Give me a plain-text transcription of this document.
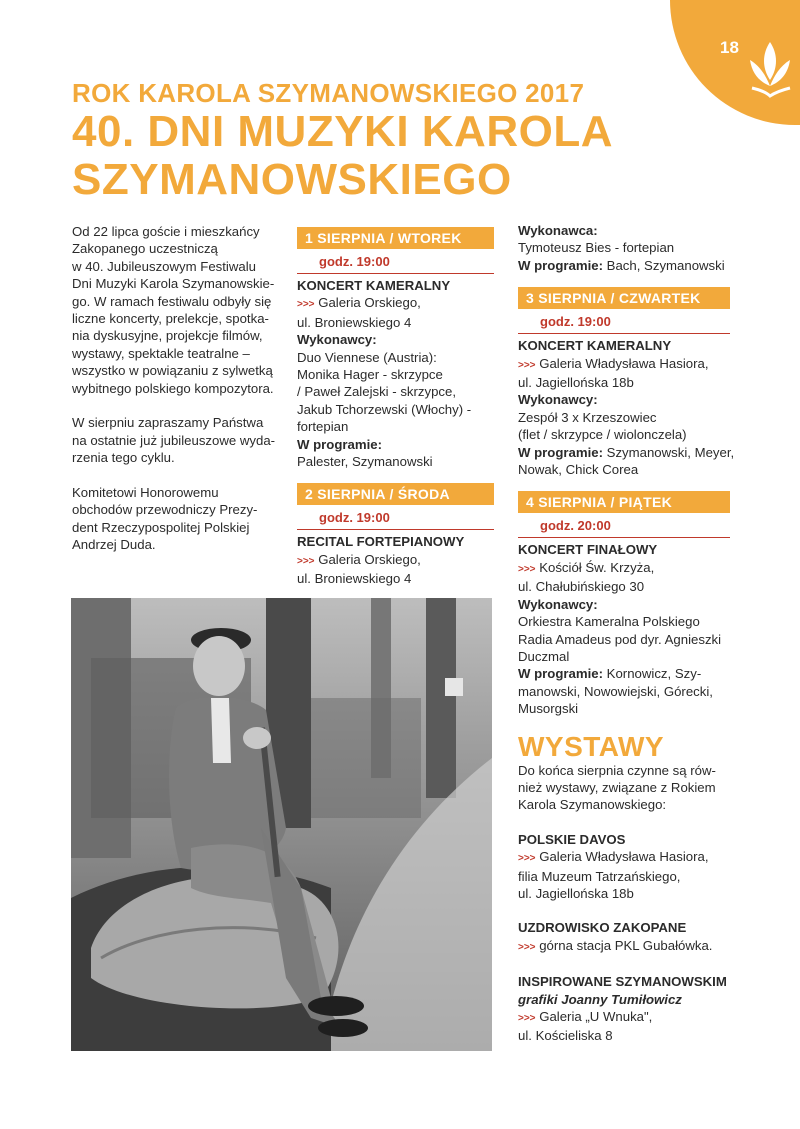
18
ROK KAROLA SZYMANOWSKIEGO 2017
40. DNI MUZYKI KAROLA
SZYMANOWSKIEGO

Od 22 lipca goście i mieszkańcy
Zakopanego uczestniczą
w 40. Jubileuszowym Festiwalu
Dni Muzyki Karola Szymanowskie-
go. W ramach festiwalu odbyły się
liczne koncerty, prelekcje, spotka-
nia dyskusyjne, projekcje filmów,
wystawy, spektakle teatralne –
wszystko w powiązaniu z sylwetką
wybitnego polskiego kompozytora.

W sierpniu zapraszamy Państwa
na ostatnie już jubileuszowe wyda-
rzenia tego cyklu.

Komitetowi Honorowemu
obchodów przewodniczy Prezy-
dent Rzeczypospolitej Polskiej
Andrzej Duda.

1 SIERPNIA / WTOREK
godz. 19:00
KONCERT KAMERALNY
>>> Galeria Orskiego,
ul. Broniewskiego 4
Wykonawcy:
Duo Viennese (Austria):
Monika Hager - skrzypce
/ Paweł Zalejski - skrzypce,
Jakub Tchorzewski (Włochy) -
fortepian
W programie:
Palester, Szymanowski
2 SIERPNIA / ŚRODA
godz. 19:00
RECITAL FORTEPIANOWY
>>> Galeria Orskiego,
ul. Broniewskiego 4
Wykonawca:
Tymoteusz Bies - fortepian
W programie: Bach, Szymanowski
3 SIERPNIA / CZWARTEK
godz. 19:00
KONCERT KAMERALNY
>>> Galeria Władysława Hasiora,
ul. Jagiellońska 18b
Wykonawcy:
Zespół 3 x Krzeszowiec
(flet / skrzypce / wiolonczela)
W programie: Szymanowski, Meyer,
Nowak, Chick Corea
4 SIERPNIA / PIĄTEK
godz. 20:00
KONCERT FINAŁOWY
>>> Kościół Św. Krzyża,
ul. Chałubińskiego 30
Wykonawcy:
Orkiestra Kameralna Polskiego
Radia Amadeus pod dyr. Agnieszki
Duczmal
W programie: Kornowicz, Szy-
manowski, Nowowiejski, Górecki,
Musorgski
WYSTAWY
Do końca sierpnia czynne są rów-
nież wystawy, związane z Rokiem
Karola Szymanowskiego:
POLSKIE DAVOS
>>> Galeria Władysława Hasiora,
filia Muzeum Tatrzańskiego,
ul. Jagiellońska 18b
UZDROWISKO ZAKOPANE
>>> górna stacja PKL Gubałówka.
INSPIROWANE SZYMANOWSKIM
grafiki Joanny Tumiłowicz
>>> Galeria „U Wnuka",
ul. Kościeliska 8
